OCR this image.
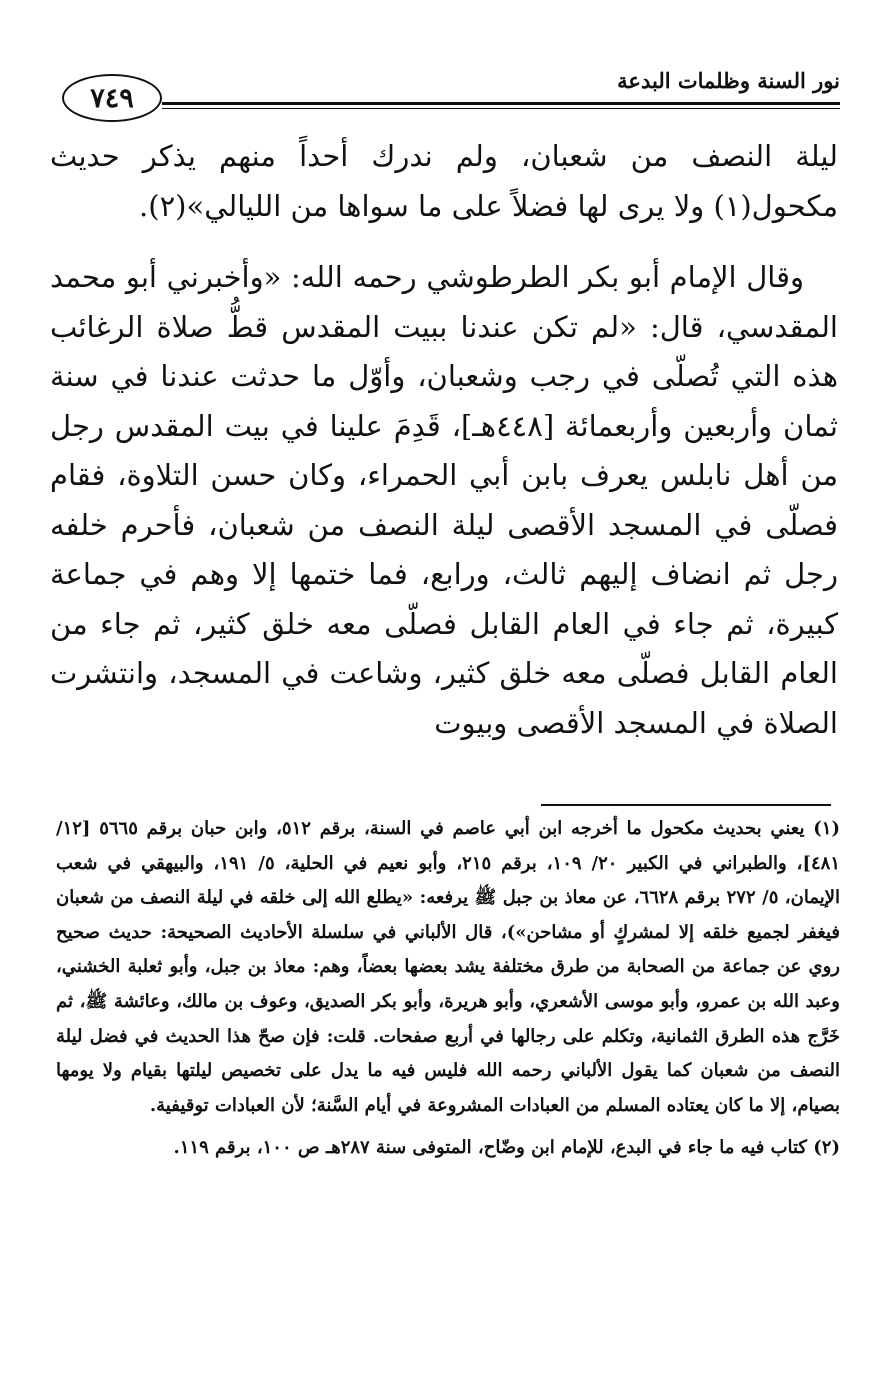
٧٤٩
نور السنة وظلمات البدعة

ليلة النصف من شعبان، ولم ندرك أحداً منهم يذكر حديث مكحول(١) ولا يرى لها فضلاً على ما سواها من الليالي»(٢).

وقال الإمام أبو بكر الطرطوشي رحمه الله: «وأخبرني أبو محمد المقدسي، قال: «لم تكن عندنا ببيت المقدس قطُّ صلاة الرغائب هذه التي تُصلّى في رجب وشعبان، وأوّل ما حدثت عندنا في سنة ثمان وأربعين وأربعمائة [٤٤٨هـ]، قَدِمَ علينا في بيت المقدس رجل من أهل نابلس يعرف بابن أبي الحمراء، وكان حسن التلاوة، فقام فصلّى في المسجد الأقصى ليلة النصف من شعبان، فأحرم خلفه رجل ثم انضاف إليهم ثالث، ورابع، فما ختمها إلا وهم في جماعة كبيرة، ثم جاء في العام القابل فصلّى معه خلق كثير، ثم جاء من العام القابل فصلّى معه خلق كثير، وشاعت في المسجد، وانتشرت الصلاة في المسجد الأقصى وبيوت

(١) يعني بحديث مكحول ما أخرجه ابن أبي عاصم في السنة، برقم ٥١٢، وابن حبان برقم ٥٦٦٥ [١٢/ ٤٨١]، والطبراني في الكبير ٢٠/ ١٠٩، برقم ٢١٥، وأبو نعيم في الحلية، ٥/ ١٩١، والبيهقي في شعب الإيمان، ٥/ ٢٧٢ برقم ٦٦٢٨، عن معاذ بن جبل ﷺ يرفعه: «يطلع الله إلى خلقه في ليلة النصف من شعبان فيغفر لجميع خلقه إلا لمشركٍ أو مشاحن»)، قال الألباني في سلسلة الأحاديث الصحيحة: حديث صحيح روي عن جماعة من الصحابة من طرق مختلفة يشد بعضها بعضاً، وهم: معاذ بن جبل، وأبو ثعلبة الخشني، وعبد الله بن عمرو، وأبو موسى الأشعري، وأبو هريرة، وأبو بكر الصديق، وعوف بن مالك، وعائشة ﷺ، ثم خَرَّج هذه الطرق الثمانية، وتكلم على رجالها في أربع صفحات. قلت: فإن صحّ هذا الحديث في فضل ليلة النصف من شعبان كما يقول الألباني رحمه الله فليس فيه ما يدل على تخصيص ليلتها بقيام ولا يومها بصيام، إلا ما كان يعتاده المسلم من العبادات المشروعة في أيام السَّنة؛ لأن العبادات توقيفية.

(٢) كتاب فيه ما جاء في البدع، للإمام ابن وضّاح، المتوفى سنة ٢٨٧هـ ص ١٠٠، برقم ١١٩.
